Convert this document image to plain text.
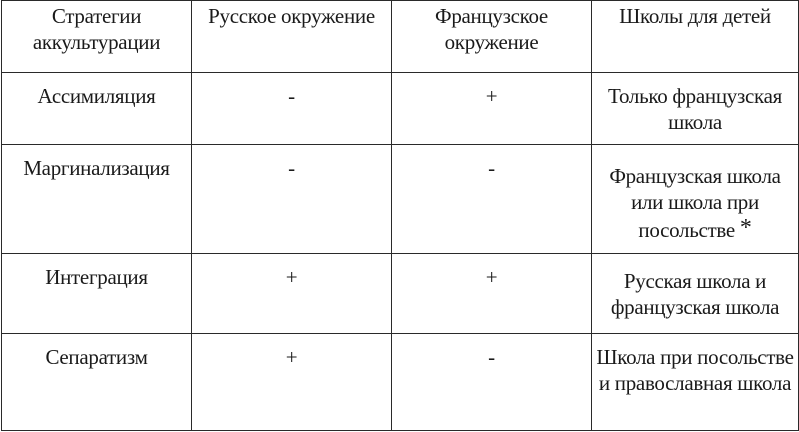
Стратегии аккультурации	Русское окружение	Французское окружение	Школы для детей
Ассимиляция	-	+	Только французская школа
Маргинализация	-	-	Французская школа или школа при посольстве *
Интеграция	+	+	Русская школа и французская школа
Сепаратизм	+	-	Школа при посольстве и православная школа
